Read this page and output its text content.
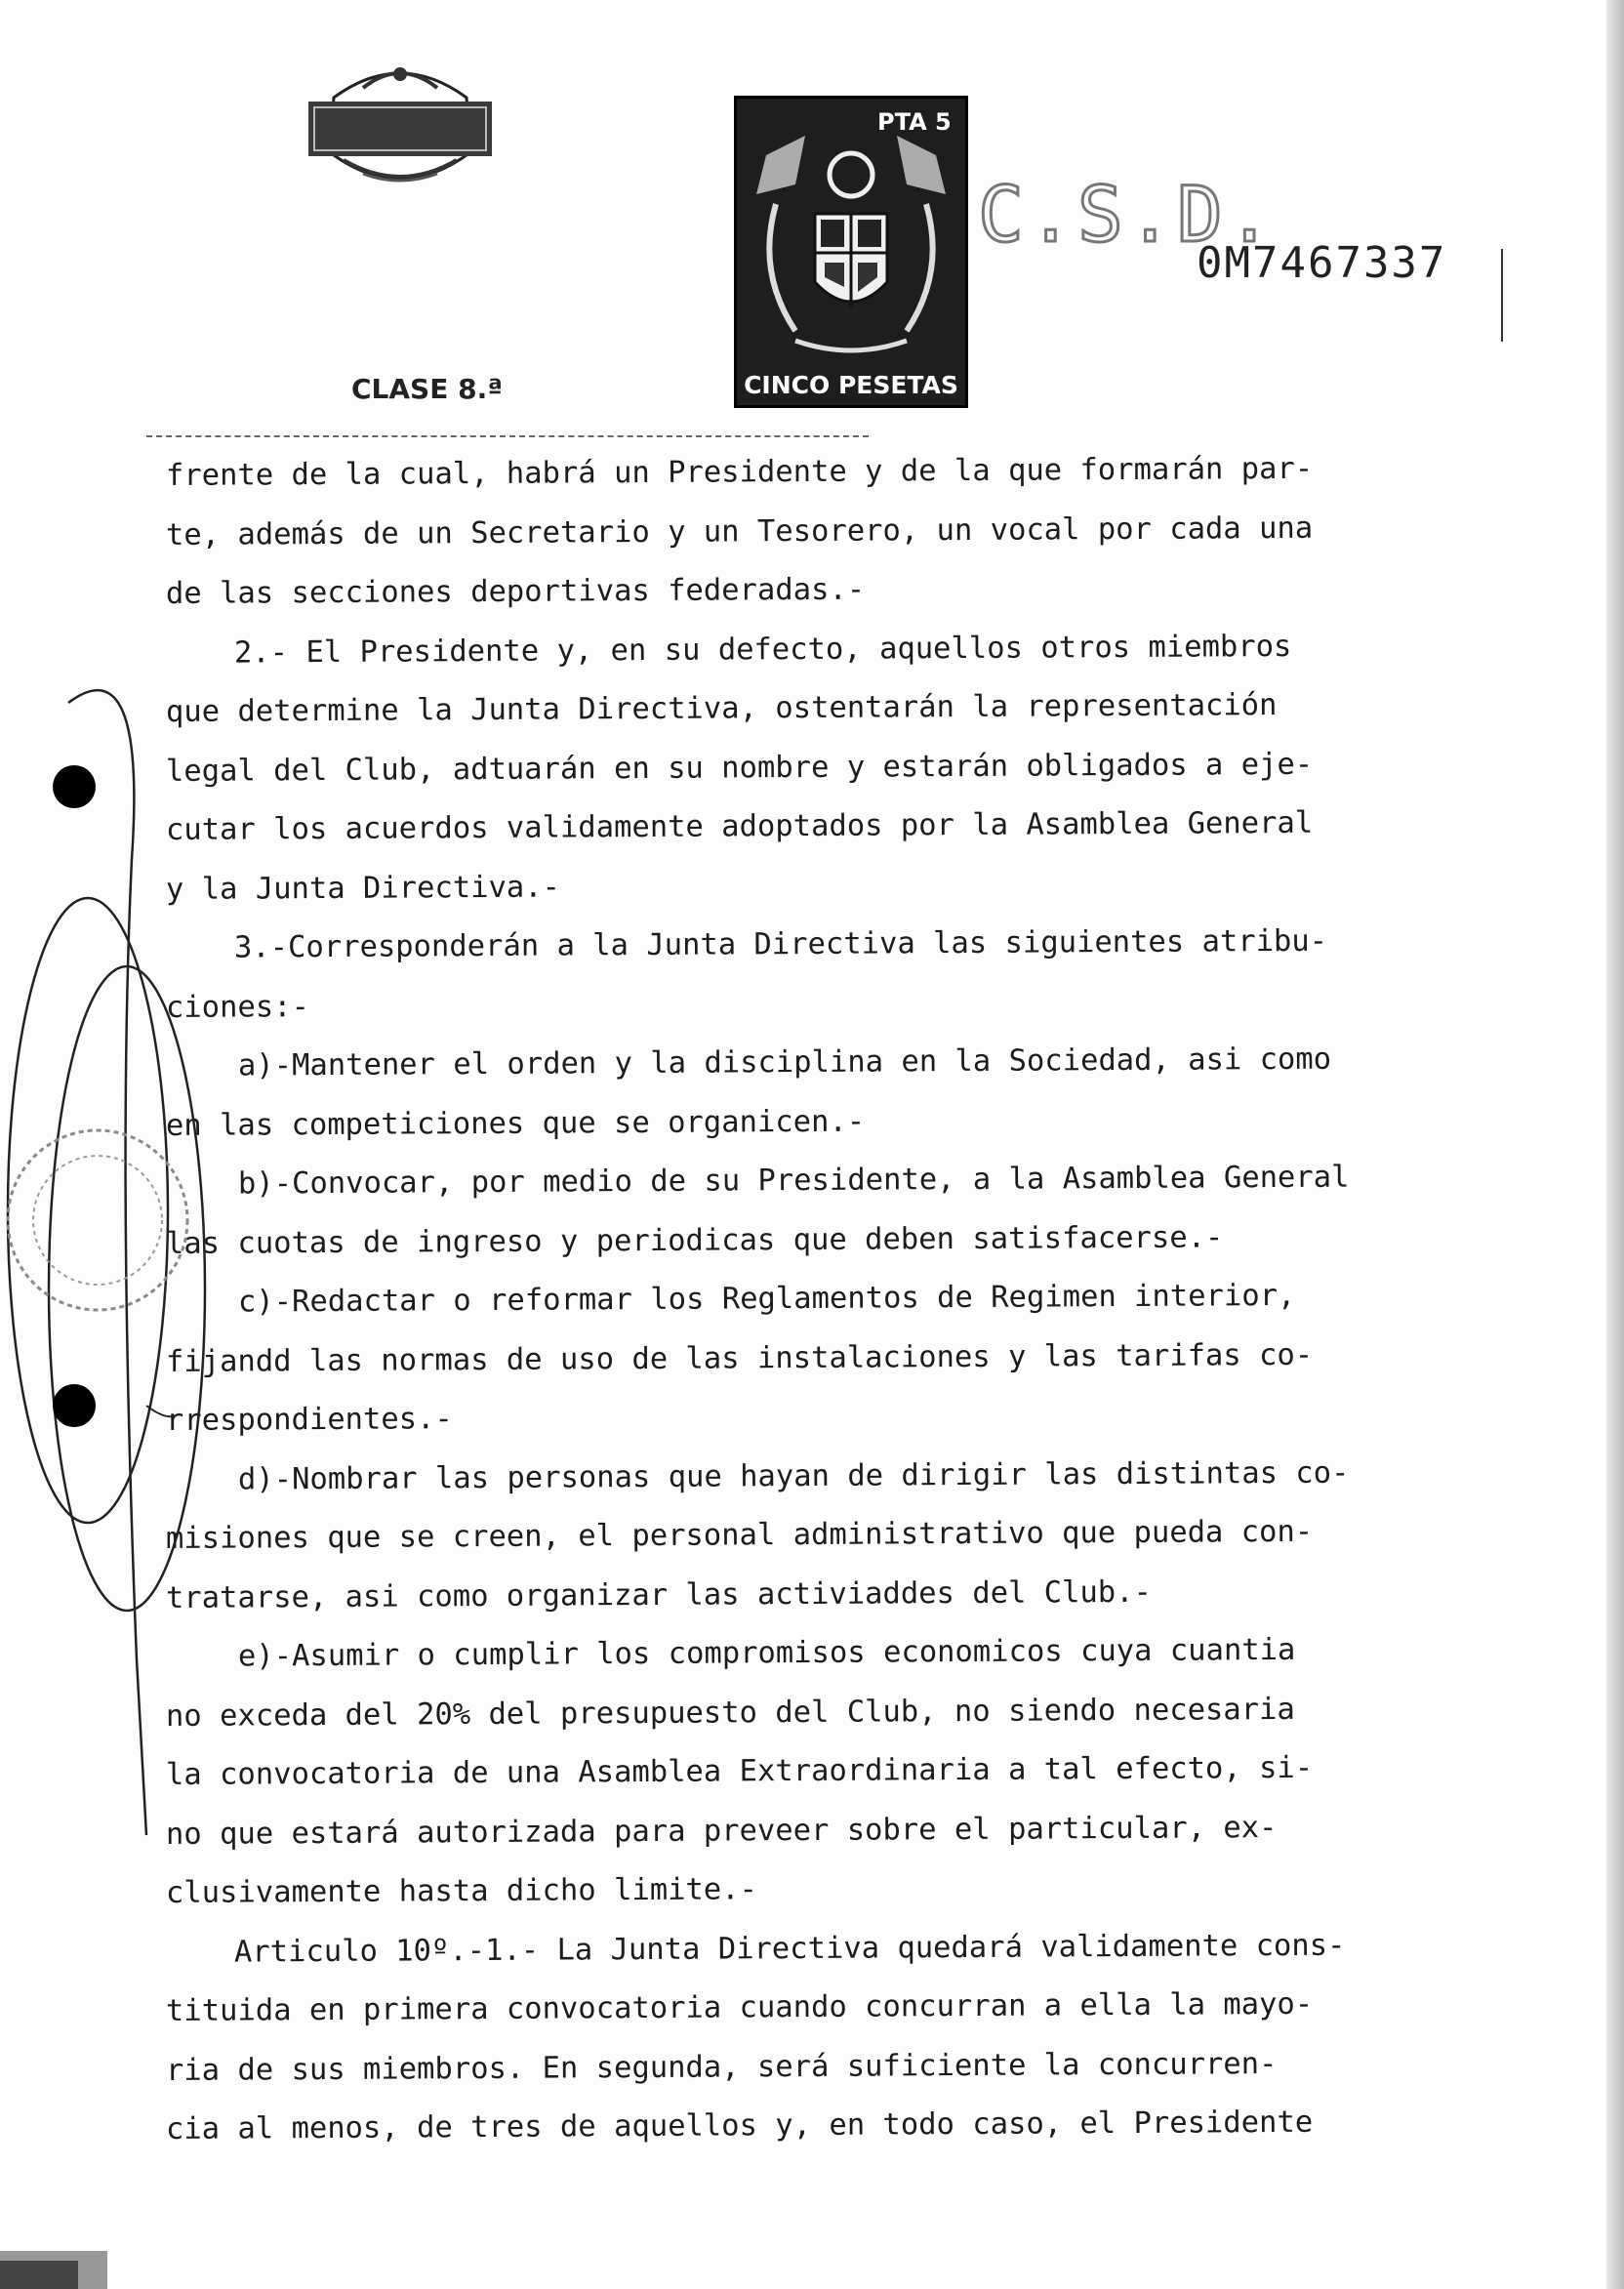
PTA 5
CINCO PESETAS
C.S.D.
0M7467337
CLASE 8.ª
frente de la cual, habrá un Presidente y de la que formarán par-
te, además de un Secretario y un Tesorero, un vocal por cada una
de las secciones deportivas federadas.-
2.- El Presidente y, en su defecto, aquellos otros miembros
que determine la Junta Directiva, ostentarán la representación
legal del Club, adtuarán en su nombre y estarán obligados a eje-
cutar los acuerdos validamente adoptados por la Asamblea General
y la Junta Directiva.-
3.-Corresponderán a la Junta Directiva las siguientes atribu-
ciones:-
a)-Mantener el orden y la disciplina en la Sociedad, asi como
en las competiciones que se organicen.-
b)-Convocar, por medio de su Presidente, a la Asamblea General
las cuotas de ingreso y periodicas que deben satisfacerse.-
c)-Redactar o reformar los Reglamentos de Regimen interior,
fijandd las normas de uso de las instalaciones y las tarifas co-
rrespondientes.-
d)-Nombrar las personas que hayan de dirigir las distintas co-
misiones que se creen, el personal administrativo que pueda con-
tratarse, asi como organizar las activiaddes del Club.-
e)-Asumir o cumplir los compromisos economicos cuya cuantia
no exceda del 20% del presupuesto del Club, no siendo necesaria
la convocatoria de una Asamblea Extraordinaria a tal efecto, si-
no que estará autorizada para preveer sobre el particular, ex-
clusivamente hasta dicho limite.-
Articulo 10º.-1.- La Junta Directiva quedará validamente cons-
tituida en primera convocatoria cuando concurran a ella la mayo-
ria de sus miembros. En segunda, será suficiente la concurren-
cia al menos, de tres de aquellos y, en todo caso, el Presidente
